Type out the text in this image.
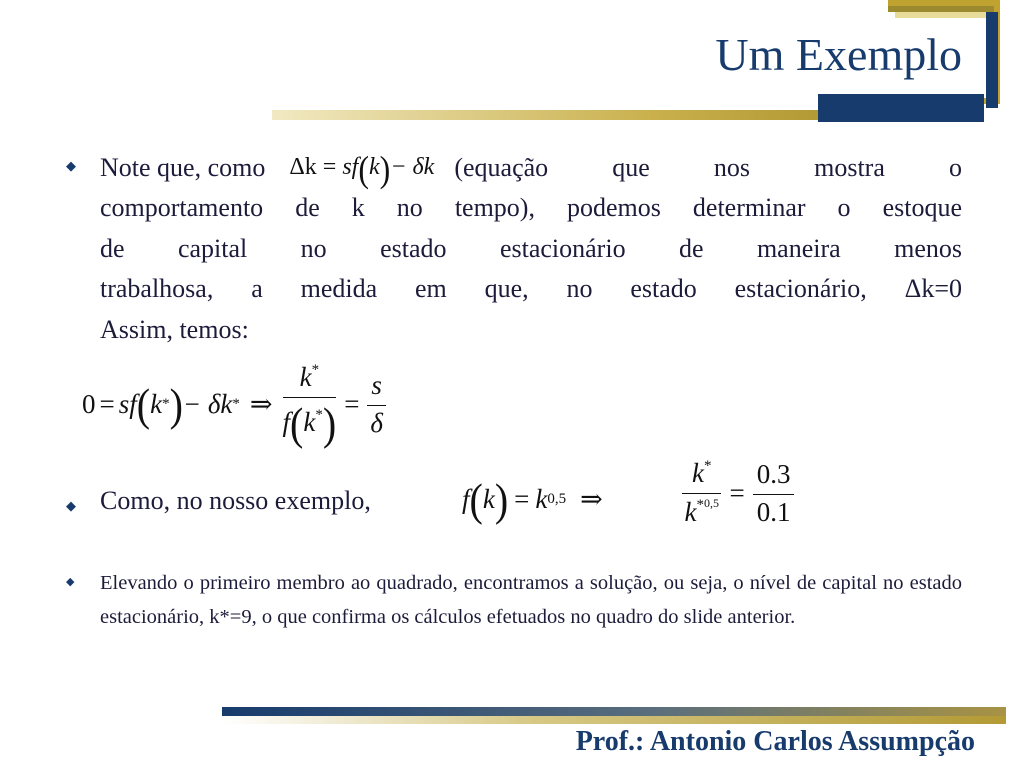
Um Exemplo
◆ Note que, como Δk = sf(k)− δk (equação que nos mostra o
comportamento de k no tempo), podemos determinar o estoque
de capital no estado estacionário de maneira menos
trabalhosa, a medida em que, no estado estacionário, Δk=0
Assim, temos:
0 = sf ( k * ) − δk * ⇒ $\frac{k^*}{f(k^*)} = \frac{s}{\delta}$
◆ Como, no nosso exemplo,	f ( k ) = k 0,5 ⇒	$\frac{k^*}{k^{*0,5}} = \frac{0.3}{0.1}$
◆ Elevando o primeiro membro ao quadrado, encontramos a solução, ou seja, o nível de capital no estado estacionário, k*=9, o que confirma os cálculos efetuados no quadro do slide anterior.
Prof.: Antonio Carlos Assumpção
